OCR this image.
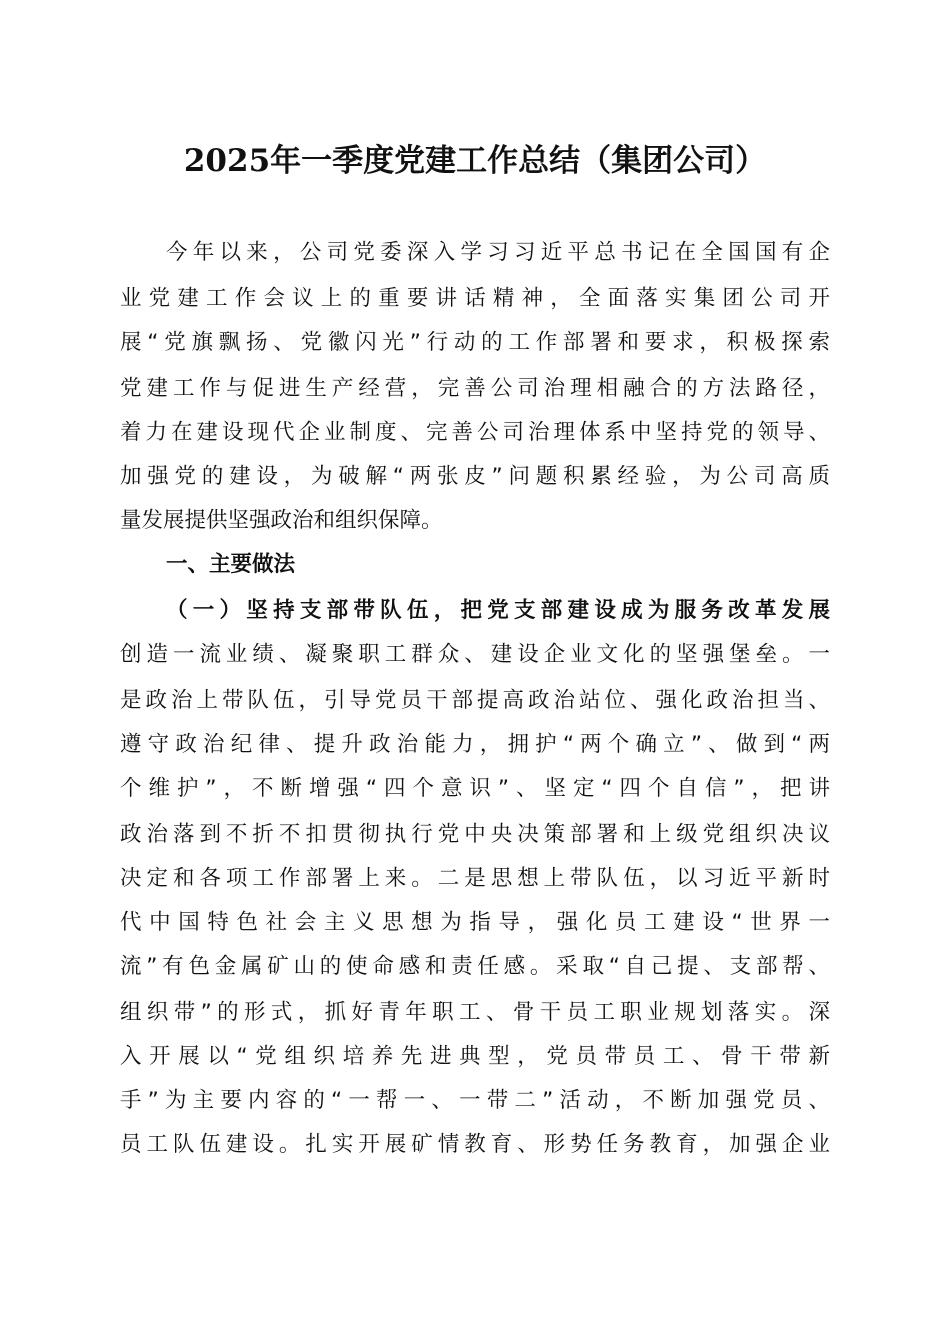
2025年一季度党建工作总结（集团公司）
今年以来，公司党委深入学习习近平总书记在全国国有企
业党建工作会议上的重要讲话精神，全面落实集团公司开
展“党旗飘扬、党徽闪光”行动的工作部署和要求，积极探索
党建工作与促进生产经营，完善公司治理相融合的方法路径，
着力在建设现代企业制度、完善公司治理体系中坚持党的领导、
加强党的建设，为破解“两张皮”问题积累经验，为公司高质
量发展提供坚强政治和组织保障。
一、主要做法
（一）坚持支部带队伍，把党支部建设成为服务改革发展
创造一流业绩、凝聚职工群众、建设企业文化的坚强堡垒。一
是政治上带队伍，引导党员干部提高政治站位、强化政治担当、
遵守政治纪律、提升政治能力，拥护“两个确立”、做到“两
个维护”，不断增强“四个意识”、坚定“四个自信”，把讲
政治落到不折不扣贯彻执行党中央决策部署和上级党组织决议
决定和各项工作部署上来。二是思想上带队伍，以习近平新时
代中国特色社会主义思想为指导，强化员工建设“世界一
流”有色金属矿山的使命感和责任感。采取“自己提、支部帮、
组织带”的形式，抓好青年职工、骨干员工职业规划落实。深
入开展以“党组织培养先进典型，党员带员工、骨干带新
手”为主要内容的“一帮一、一带二”活动，不断加强党员、
员工队伍建设。扎实开展矿情教育、形势任务教育，加强企业
